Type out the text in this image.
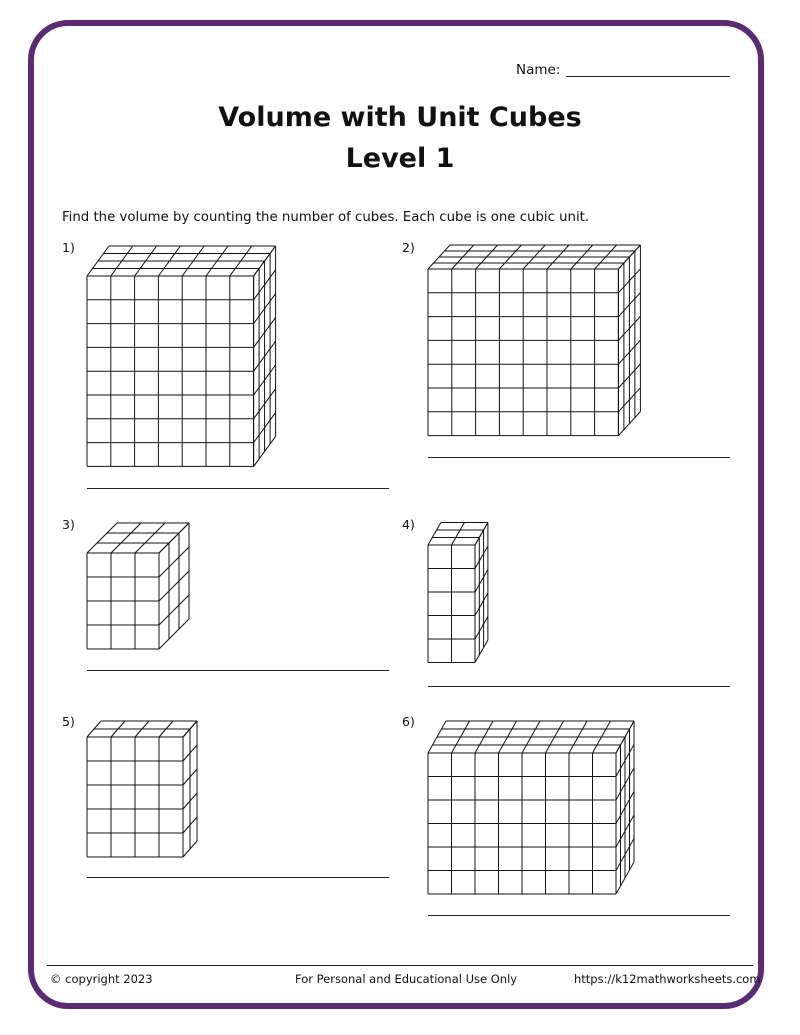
Name:
Volume with Unit Cubes
Level 1
Find the volume by counting the number of cubes. Each cube is one cubic unit.
1)	2)
3)	4)
5)	6)
© copyright 2023	For Personal and Educational Use Only	https://k12mathworksheets.com
